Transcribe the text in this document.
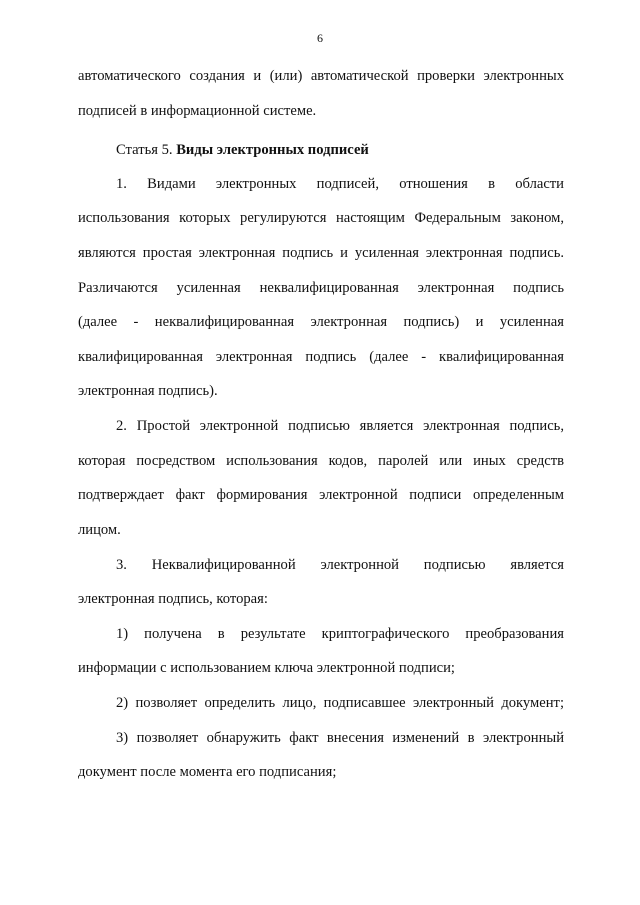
6
автоматического создания и (или) автоматической проверки электронных
подписей в информационной системе.
Статья 5. Виды электронных подписей
1. Видами электронных подписей, отношения в области
использования которых регулируются настоящим Федеральным законом,
являются простая электронная подпись и усиленная электронная подпись.
Различаются усиленная неквалифицированная электронная подпись
(далее - неквалифицированная электронная подпись) и усиленная
квалифицированная электронная подпись (далее - квалифицированная
электронная подпись).
2. Простой электронной подписью является электронная подпись,
которая посредством использования кодов, паролей или иных средств
подтверждает факт формирования электронной подписи определенным
лицом.
3. Неквалифицированной электронной подписью является
электронная подпись, которая:
1) получена в результате криптографического преобразования
информации с использованием ключа электронной подписи;
2) позволяет определить лицо, подписавшее электронный документ;
3) позволяет обнаружить факт внесения изменений в электронный
документ после момента его подписания;
